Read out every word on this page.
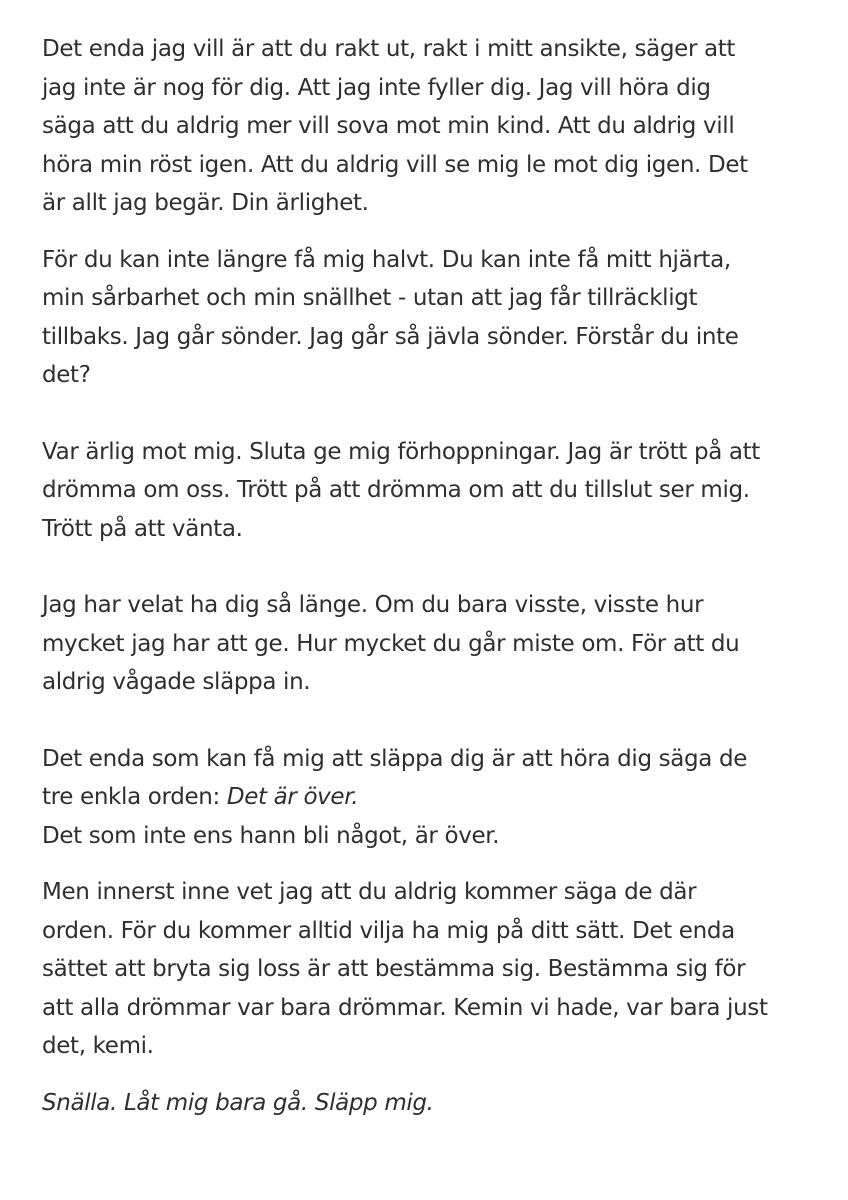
Det enda jag vill är att du rakt ut, rakt i mitt ansikte, säger att
jag inte är nog för dig. Att jag inte fyller dig. Jag vill höra dig
säga att du aldrig mer vill sova mot min kind. Att du aldrig vill
höra min röst igen. Att du aldrig vill se mig le mot dig igen. Det
är allt jag begär. Din ärlighet.

För du kan inte längre få mig halvt. Du kan inte få mitt hjärta,
min sårbarhet och min snällhet - utan att jag får tillräckligt
tillbaks. Jag går sönder. Jag går så jävla sönder. Förstår du inte
det?

Var ärlig mot mig. Sluta ge mig förhoppningar. Jag är trött på att
drömma om oss. Trött på att drömma om att du tillslut ser mig.
Trött på att vänta.

Jag har velat ha dig så länge. Om du bara visste, visste hur
mycket jag har att ge. Hur mycket du går miste om. För att du
aldrig vågade släppa in.

Det enda som kan få mig att släppa dig är att höra dig säga de
tre enkla orden: Det är över.
Det som inte ens hann bli något, är över.

Men innerst inne vet jag att du aldrig kommer säga de där
orden. För du kommer alltid vilja ha mig på ditt sätt. Det enda
sättet att bryta sig loss är att bestämma sig. Bestämma sig för
att alla drömmar var bara drömmar. Kemin vi hade, var bara just
det, kemi.

Snälla. Låt mig bara gå. Släpp mig.
